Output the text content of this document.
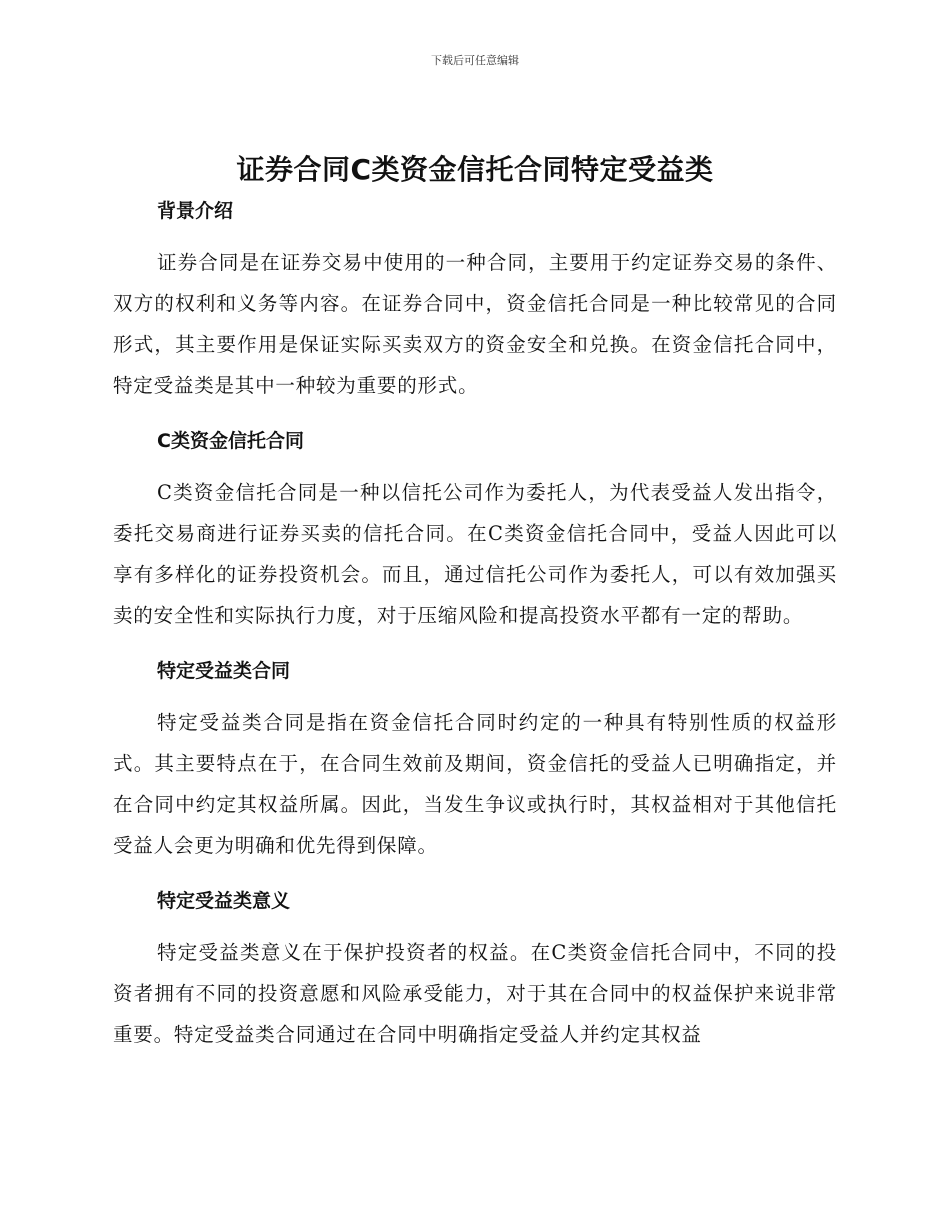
下载后可任意编辑
证券合同C类资金信托合同特定受益类
背景介绍

证券合同是在证券交易中使用的一种合同，主要用于约定证券交易的条件、双方的权利和义务等内容。在证券合同中，资金信托合同是一种比较常见的合同形式，其主要作用是保证实际买卖双方的资金安全和兑换。在资金信托合同中，特定受益类是其中一种较为重要的形式。

C类资金信托合同

C类资金信托合同是一种以信托公司作为委托人，为代表受益人发出指令，委托交易商进行证券买卖的信托合同。在C类资金信托合同中，受益人因此可以享有多样化的证券投资机会。而且，通过信托公司作为委托人，可以有效加强买卖的安全性和实际执行力度，对于压缩风险和提高投资水平都有一定的帮助。

特定受益类合同

特定受益类合同是指在资金信托合同时约定的一种具有特别性质的权益形式。其主要特点在于，在合同生效前及期间，资金信托的受益人已明确指定，并在合同中约定其权益所属。因此，当发生争议或执行时，其权益相对于其他信托受益人会更为明确和优先得到保障。

特定受益类意义

特定受益类意义在于保护投资者的权益。在C类资金信托合同中，不同的投资者拥有不同的投资意愿和风险承受能力，对于其在合同中的权益保护来说非常重要。特定受益类合同通过在合同中明确指定受益人并约定其权益
